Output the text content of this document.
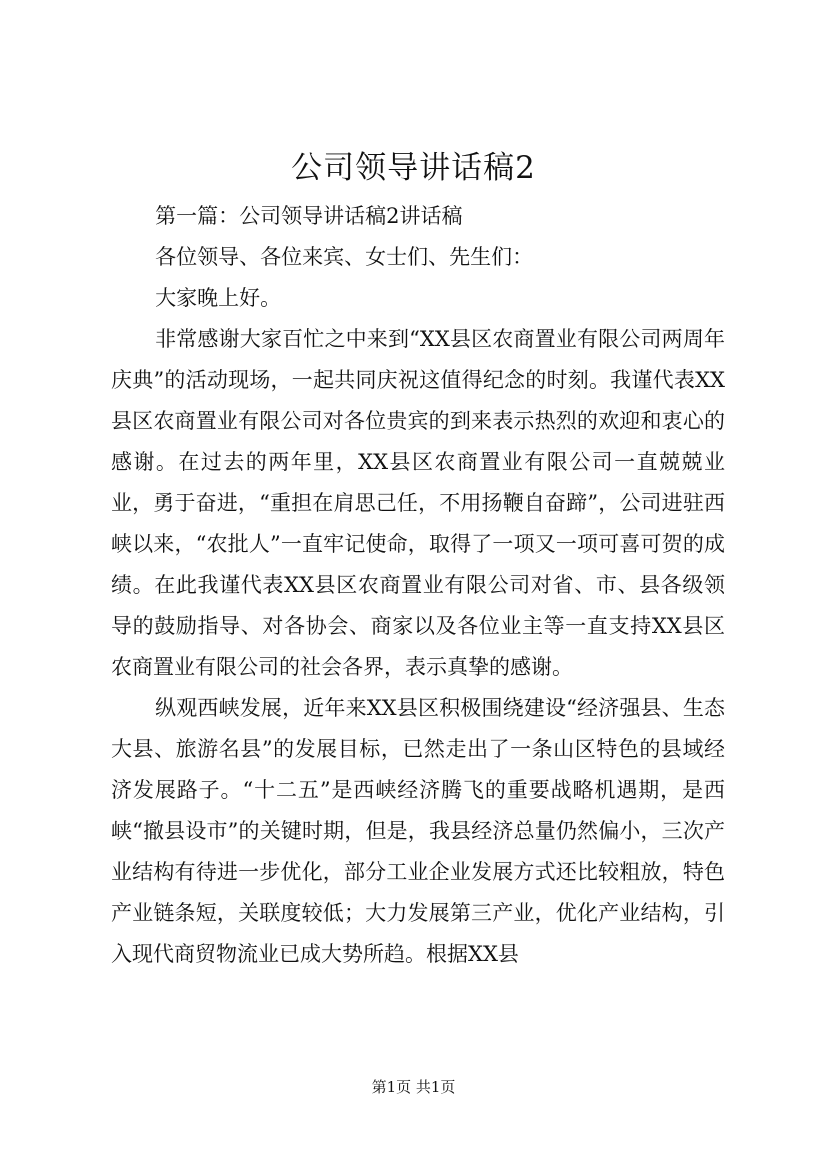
公司领导讲话稿2

第一篇：公司领导讲话稿2讲话稿

各位领导、各位来宾、女士们、先生们：

大家晚上好。

非常感谢大家百忙之中来到“XX县区农商置业有限公司两周年庆典”的活动现场，一起共同庆祝这值得纪念的时刻。我谨代表XX县区农商置业有限公司对各位贵宾的到来表示热烈的欢迎和衷心的感谢。在过去的两年里，XX县区农商置业有限公司一直兢兢业业，勇于奋进，“重担在肩思己任，不用扬鞭自奋蹄”，公司进驻西峡以来，“农批人”一直牢记使命，取得了一项又一项可喜可贺的成绩。在此我谨代表XX县区农商置业有限公司对省、市、县各级领导的鼓励指导、对各协会、商家以及各位业主等一直支持XX县区农商置业有限公司的社会各界，表示真挚的感谢。

纵观西峡发展，近年来XX县区积极围绕建设“经济强县、生态大县、旅游名县”的发展目标，已然走出了一条山区特色的县域经济发展路子。“十二五”是西峡经济腾飞的重要战略机遇期，是西峡“撤县设市”的关键时期，但是，我县经济总量仍然偏小，三次产业结构有待进一步优化，部分工业企业发展方式还比较粗放，特色产业链条短，关联度较低；大力发展第三产业，优化产业结构，引入现代商贸物流业已成大势所趋。根据XX县

第1页 共1页
